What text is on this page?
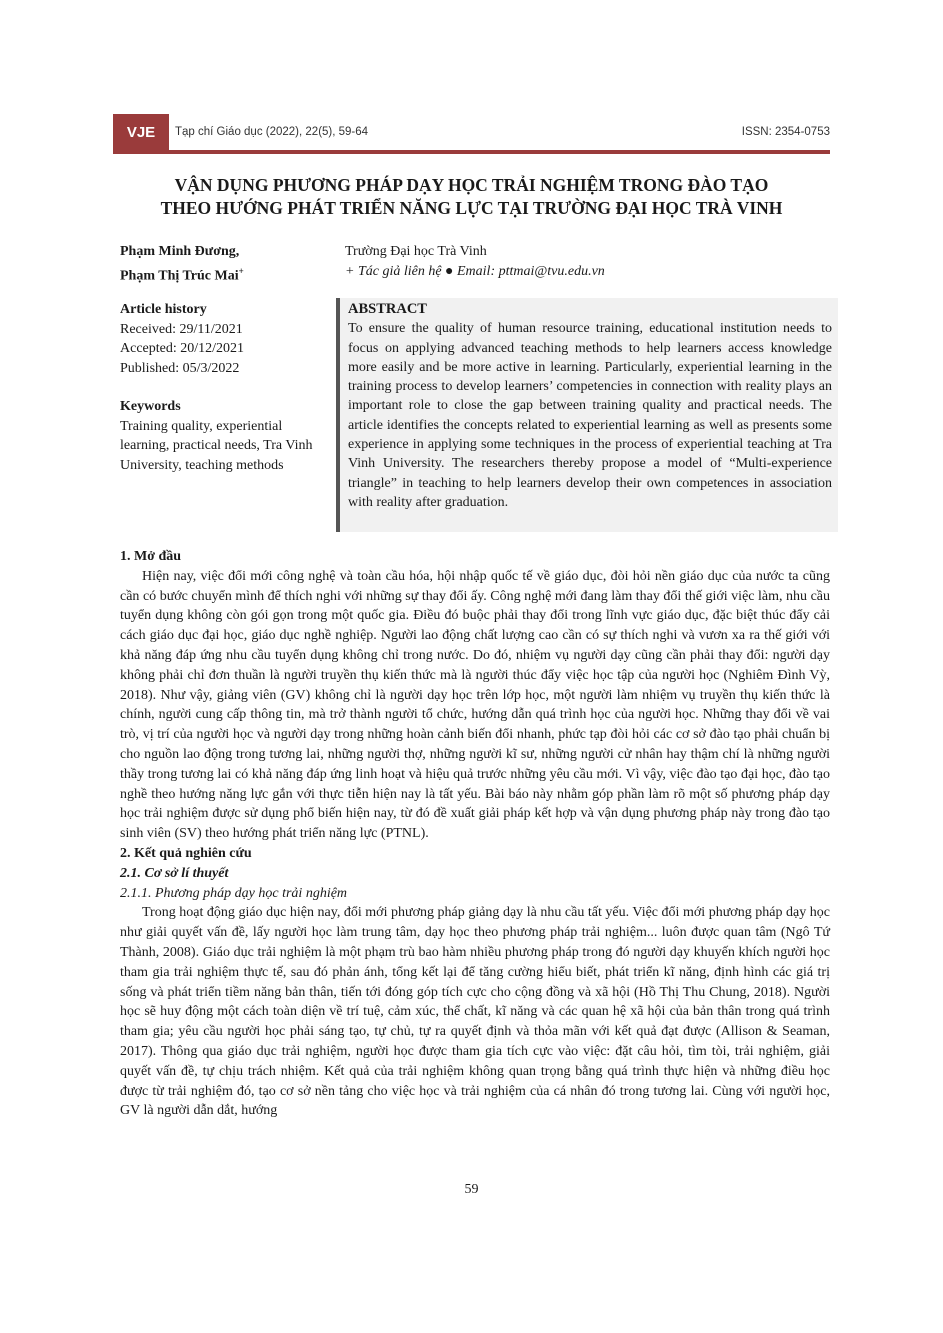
VJE	Tạp chí Giáo dục (2022), 22(5), 59-64	ISSN: 2354-0753
VẬN DỤNG PHƯƠNG PHÁP DẠY HỌC TRẢI NGHIỆM TRONG ĐÀO TẠO
THEO HƯỚNG PHÁT TRIỂN NĂNG LỰC TẠI TRƯỜNG ĐẠI HỌC TRÀ VINH
Phạm Minh Đương,
Phạm Thị Trúc Mai+
Trường Đại học Trà Vinh
+ Tác giả liên hệ ● Email: pttmai@tvu.edu.vn
Article history
Received: 29/11/2021
Accepted: 20/12/2021
Published: 05/3/2022
Keywords
Training quality, experiential learning, practical needs, Tra Vinh University, teaching methods
ABSTRACT
To ensure the quality of human resource training, educational institution needs to focus on applying advanced teaching methods to help learners access knowledge more easily and be more active in learning. Particularly, experiential learning in the training process to develop learners’ competencies in connection with reality plays an important role to close the gap between training quality and practical needs. The article identifies the concepts related to experiential learning as well as presents some experience in applying some techniques in the process of experiential teaching at Tra Vinh University. The researchers thereby propose a model of “Multi-experience triangle” in teaching to help learners develop their own competences in association with reality after graduation.
1. Mở đầu

Hiện nay, việc đổi mới công nghệ và toàn cầu hóa, hội nhập quốc tế về giáo dục, đòi hỏi nền giáo dục của nước ta cũng cần có bước chuyển mình để thích nghi với những sự thay đổi ấy. Công nghệ mới đang làm thay đổi thế giới việc làm, nhu cầu tuyển dụng không còn gói gọn trong một quốc gia. Điều đó buộc phải thay đổi trong lĩnh vực giáo dục, đặc biệt thúc đẩy cải cách giáo dục đại học, giáo dục nghề nghiệp. Người lao động chất lượng cao cần có sự thích nghi và vươn xa ra thế giới với khả năng đáp ứng nhu cầu tuyển dụng không chỉ trong nước. Do đó, nhiệm vụ người dạy cũng cần phải thay đổi: người dạy không phải chỉ đơn thuần là người truyền thụ kiến thức mà là người thúc đẩy việc học tập của người học (Nghiêm Đình Vỳ, 2018). Như vậy, giảng viên (GV) không chỉ là người dạy học trên lớp học, một người làm nhiệm vụ truyền thụ kiến thức là chính, người cung cấp thông tin, mà trở thành người tổ chức, hướng dẫn quá trình học của người học. Những thay đổi về vai trò, vị trí của người học và người dạy trong những hoàn cảnh biến đổi nhanh, phức tạp đòi hỏi các cơ sở đào tạo phải chuẩn bị cho nguồn lao động trong tương lai, những người thợ, những người kĩ sư, những người cử nhân hay thậm chí là những người thầy trong tương lai có khả năng đáp ứng linh hoạt và hiệu quả trước những yêu cầu mới. Vì vậy, việc đào tạo đại học, đào tạo nghề theo hướng năng lực gắn với thực tiễn hiện nay là tất yếu. Bài báo này nhằm góp phần làm rõ một số phương pháp dạy học trải nghiệm được sử dụng phổ biến hiện nay, từ đó đề xuất giải pháp kết hợp và vận dụng phương pháp này trong đào tạo sinh viên (SV) theo hướng phát triển năng lực (PTNL).

2. Kết quả nghiên cứu
2.1. Cơ sở lí thuyết
2.1.1. Phương pháp dạy học trải nghiệm

Trong hoạt động giáo dục hiện nay, đổi mới phương pháp giảng dạy là nhu cầu tất yếu. Việc đổi mới phương pháp dạy học như giải quyết vấn đề, lấy người học làm trung tâm, dạy học theo phương pháp trải nghiệm... luôn được quan tâm (Ngô Tứ Thành, 2008). Giáo dục trải nghiệm là một phạm trù bao hàm nhiều phương pháp trong đó người dạy khuyến khích người học tham gia trải nghiệm thực tế, sau đó phản ánh, tổng kết lại để tăng cường hiểu biết, phát triển kĩ năng, định hình các giá trị sống và phát triển tiềm năng bản thân, tiến tới đóng góp tích cực cho cộng đồng và xã hội (Hồ Thị Thu Chung, 2018). Người học sẽ huy động một cách toàn diện về trí tuệ, cảm xúc, thể chất, kĩ năng và các quan hệ xã hội của bản thân trong quá trình tham gia; yêu cầu người học phải sáng tạo, tự chủ, tự ra quyết định và thỏa mãn với kết quả đạt được (Allison & Seaman, 2017). Thông qua giáo dục trải nghiệm, người học được tham gia tích cực vào việc: đặt câu hỏi, tìm tòi, trải nghiệm, giải quyết vấn đề, tự chịu trách nhiệm. Kết quả của trải nghiệm không quan trọng bằng quá trình thực hiện và những điều học được từ trải nghiệm đó, tạo cơ sở nền tảng cho việc học và trải nghiệm của cá nhân đó trong tương lai. Cùng với người học, GV là người dẫn dắt, hướng

59
